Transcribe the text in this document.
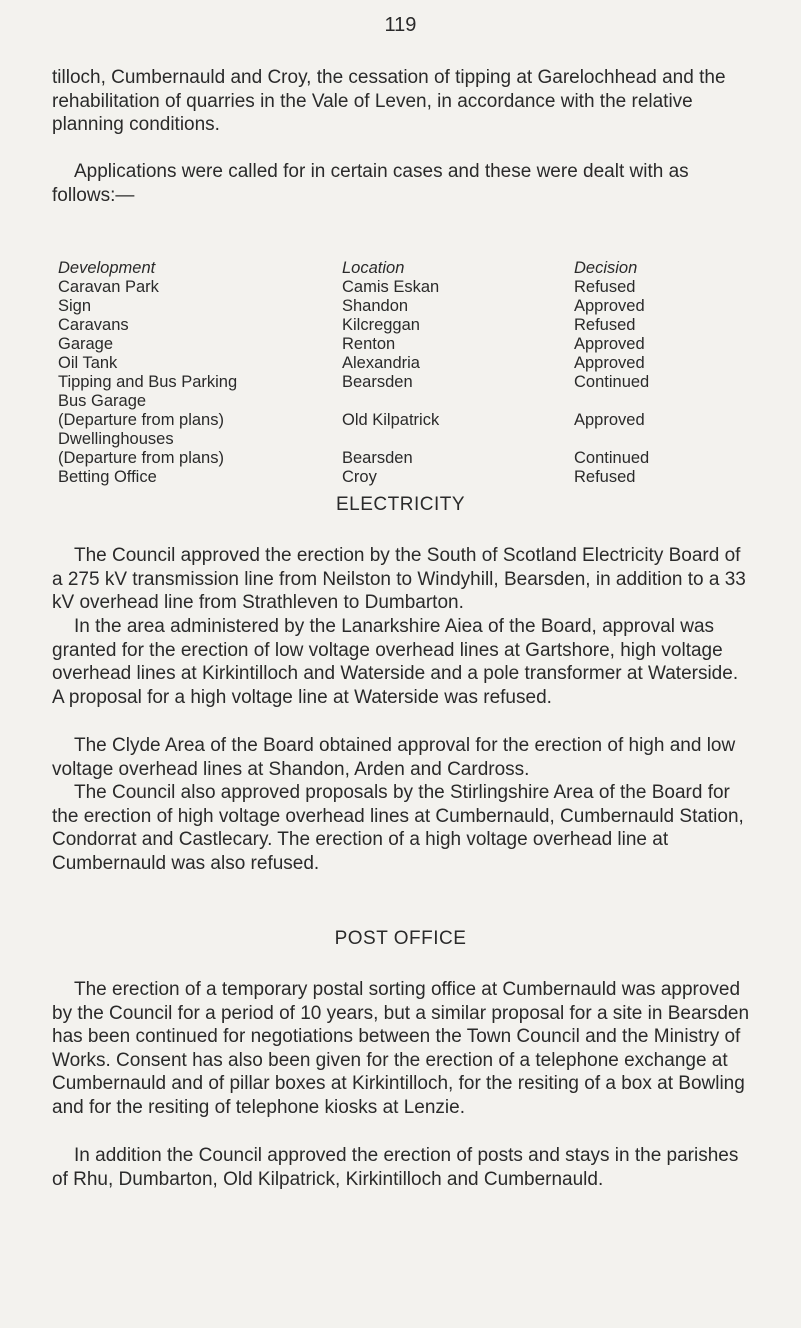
119

tilloch, Cumbernauld and Croy, the cessation of tipping at Garelochhead and the rehabilitation of quarries in the Vale of Leven, in accordance with the relative planning conditions.

Applications were called for in certain cases and these were dealt with as follows:—

Development	Location	Decision
Caravan Park	Camis Eskan	Refused
Sign	Shandon	Approved
Caravans	Kilcreggan	Refused
Garage	Renton	Approved
Oil Tank	Alexandria	Approved
Tipping and Bus Parking	Bearsden	Continued
Bus Garage
(Departure from plans)	Old Kilpatrick	Approved
Dwellinghouses
(Departure from plans)	Bearsden	Continued
Betting Office	Croy	Refused
ELECTRICITY

The Council approved the erection by the South of Scotland Electricity Board of a 275 kV transmission line from Neilston to Windyhill, Bearsden, in addition to a 33 kV overhead line from Strathleven to Dumbarton.

In the area administered by the Lanarkshire Aiea of the Board, approval was granted for the erection of low voltage overhead lines at Gartshore, high voltage overhead lines at Kirkintilloch and Waterside and a pole transformer at Waterside. A proposal for a high voltage line at Waterside was refused.

The Clyde Area of the Board obtained approval for the erection of high and low voltage overhead lines at Shandon, Arden and Cardross.

The Council also approved proposals by the Stirlingshire Area of the Board for the erection of high voltage overhead lines at Cumbernauld, Cumbernauld Station, Condorrat and Castlecary. The erection of a high voltage overhead line at Cumbernauld was also refused.

POST OFFICE

The erection of a temporary postal sorting office at Cumbernauld was approved by the Council for a period of 10 years, but a similar proposal for a site in Bearsden has been continued for negotiations between the Town Council and the Ministry of Works. Consent has also been given for the erection of a telephone exchange at Cumbernauld and of pillar boxes at Kirkintilloch, for the resiting of a box at Bowling and for the resiting of telephone kiosks at Lenzie.

In addition the Council approved the erection of posts and stays in the parishes of Rhu, Dumbarton, Old Kilpatrick, Kirkintilloch and Cumbernauld.
